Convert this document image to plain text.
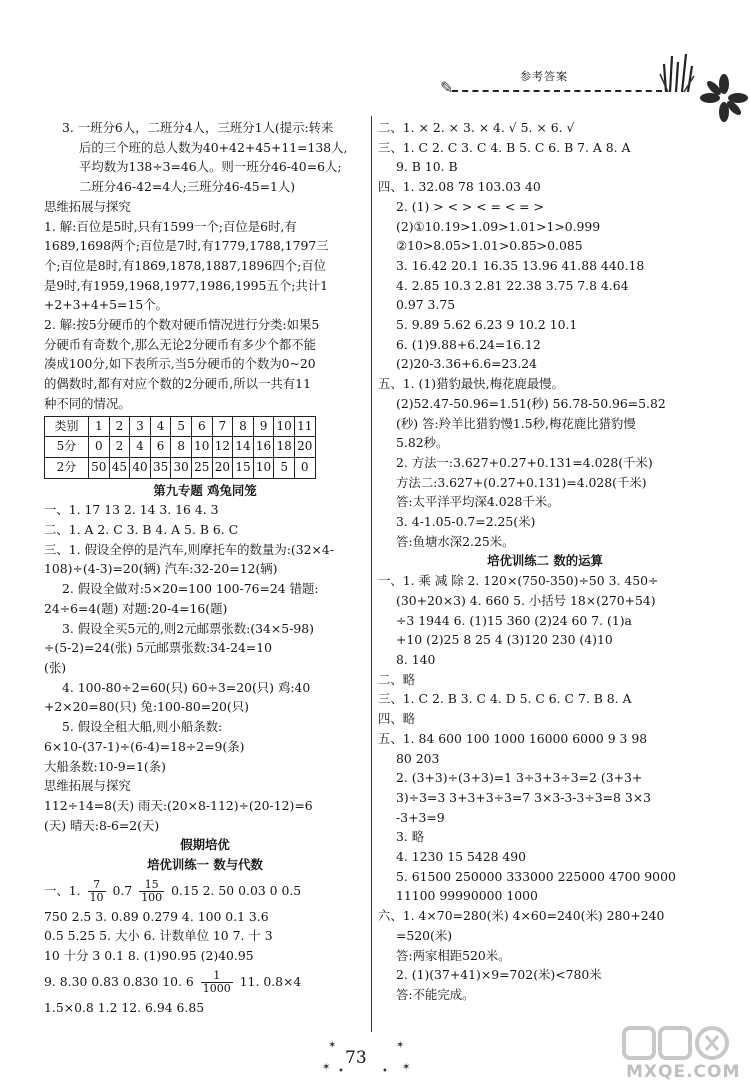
✎
参考答案
3. 一班分6人，二班分4人，三班分1人(提示:转来
后的三个班的总人数为40+42+45+11=138人,
平均数为138÷3=46人。则一班分46-40=6人;
二班分46-42=4人;三班分46-45=1人)
思维拓展与探究
1. 解:百位是5时,只有1599一个;百位是6时,有
1689,1698两个;百位是7时,有1779,1788,1797三
个;百位是8时,有1869,1878,1887,1896四个;百位
是9时,有1959,1968,1977,1986,1995五个;共计1
+2+3+4+5=15个。
2. 解:按5分硬币的个数对硬币情况进行分类:如果5
分硬币有奇数个,那么无论2分硬币有多少个都不能
凑成100分,如下表所示,当5分硬币的个数为0~20
的偶数时,都有对应个数的2分硬币,所以一共有11
种不同的情况。
类别	1	2	3	4	5	6	7	8	9	10	11
5分	0	2	4	6	8	10	12	14	16	18	20
2分	50	45	40	35	30	25	20	15	10	5	0
第九专题 鸡兔同笼
一、1. 17 13 2. 14 3. 16 4. 3
二、1. A 2. C 3. B 4. A 5. B 6. C
三、1. 假设全停的是汽车,则摩托车的数量为:(32×4-
108)÷(4-3)=20(辆) 汽车:32-20=12(辆)
2. 假设全做对:5×20=100 100-76=24 错题:
24÷6=4(题) 对题:20-4=16(题)
3. 假设全买5元的,则2元邮票张数:(34×5-98)
÷(5-2)=24(张) 5元邮票张数:34-24=10
(张)
4. 100-80÷2=60(只) 60÷3=20(只) 鸡:40
+2×20=80(只) 兔:100-80=20(只)
5. 假设全租大船,则小船条数:
6×10-(37-1)÷(6-4)=18÷2=9(条)
大船条数:10-9=1(条)
思维拓展与探究
112÷14=8(天) 雨天:(20×8-112)÷(20-12)=6
(天) 晴天:8-6=2(天)
假期培优
培优训练一 数与代数
一、1. $\frac{7}{10} 0.7 \frac{15}{100} 0.15$ 2. 50 0.03 0 0.5
750 2.5 3. 0.89 0.279 4. 100 0.1 3.6
0.5 5.25 5. 大小 6. 计数单位 10 7. 十 3
10 十分 3 0.1 8. (1)90.95 (2)40.95
9. 8.30 0.83 0.830 10. $6 \frac{1}{1000} 11$. 0.8×4
1.5×0.8 1.2 12. 6.94 6.85
二、1. × 2. × 3. × 4. √ 5. × 6. √
三、1. C 2. C 3. C 4. B 5. C 6. B 7. A 8. A
9. B 10. B
四、1. 32.08 78 103.03 40
2. (1) > < > < = < = >
(2)①10.19>1.09>1.01>1>0.999
②10>8.05>1.01>0.85>0.085
3. 16.42 20.1 16.35 13.96 41.88 440.18
4. 2.85 10.3 2.81 22.38 3.75 7.8 4.64
0.97 3.75
5. 9.89 5.62 6.23 9 10.2 10.1
6. (1)9.88+6.24=16.12
(2)20-3.36+6.6=23.24
五、1. (1)猎豹最快,梅花鹿最慢。
(2)52.47-50.96=1.51(秒) 56.78-50.96=5.82
(秒) 答:羚羊比猎豹慢1.5秒,梅花鹿比猎豹慢
5.82秒。
2. 方法一:3.627+0.27+0.131=4.028(千米)
方法二:3.627+(0.27+0.131)=4.028(千米)
答:太平洋平均深4.028千米。
3. 4-1.05-0.7=2.25(米)
答:鱼塘水深2.25米。
培优训练二 数的运算
一、1. 乘 减 除 2. 120×(750-350)÷50 3. 450÷
(30+20×3) 4. 660 5. 小括号 18×(270+54)
÷3 1944 6. (1)15 360 (2)24 60 7. (1)a
+10 (2)25 8 25 4 (3)120 230 (4)10
8. 140
二、略
三、1. C 2. B 3. C 4. D 5. C 6. C 7. B 8. A
四、略
五、1. 84 600 100 1000 16000 6000 9 3 98
80 203
2. (3+3)÷(3+3)=1 3÷3+3÷3=2 (3+3+
3)÷3=3 3+3+3÷3=7 3×3-3-3÷3=8 3×3
-3+3=9
3. 略
4. 1230 15 5428 490
5. 61500 250000 333000 225000 4700 9000
11100 99990000 1000
六、1. 4×70=280(米) 4×60=240(米) 280+240
=520(米)
答:两家相距520米。
2. (1)(37+41)×9=702(米)<780米
答:不能完成。
✶	✶
✶ •	• ✶
73
MXQE.COM
